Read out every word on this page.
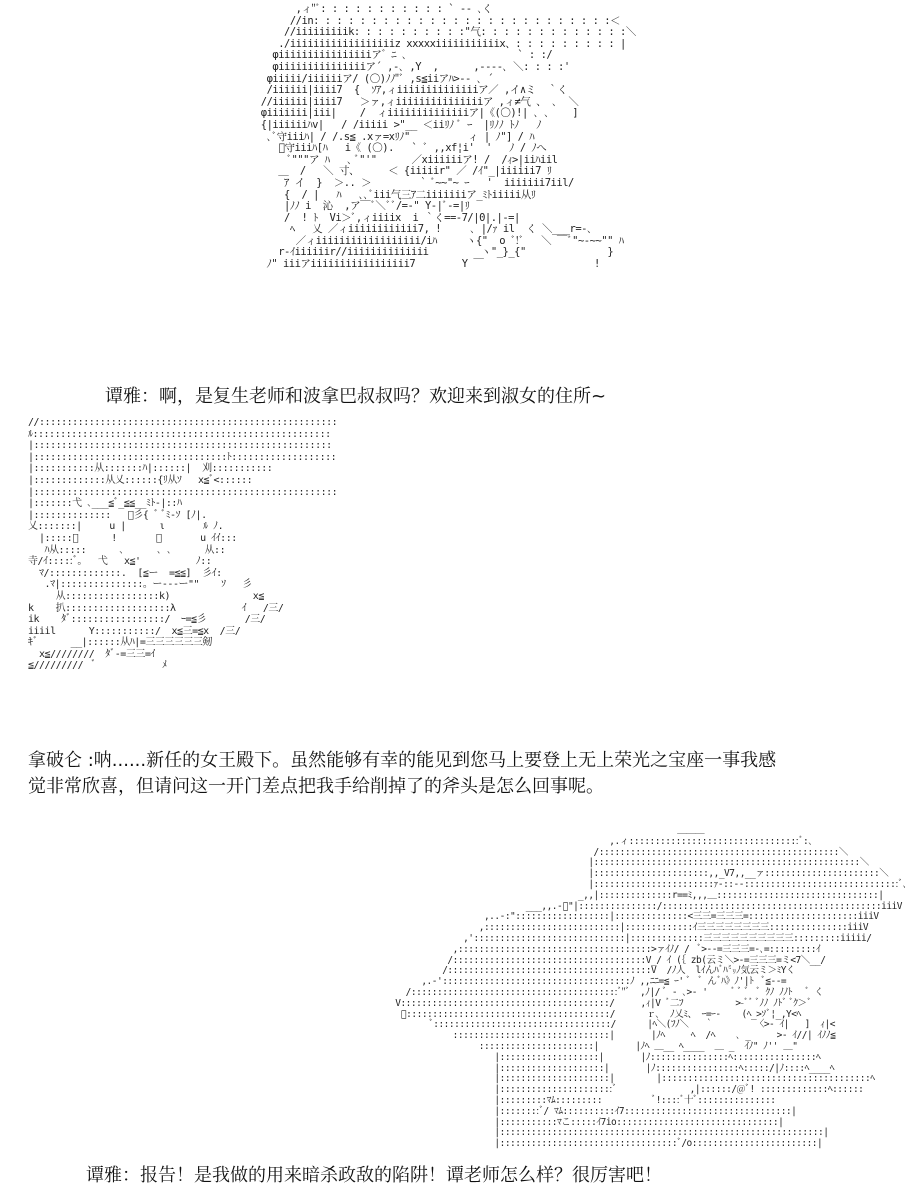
,ィ"ﾞ: : : : : : : : : : : ` ‐- ､く
//in: : : : : : : : : : : : : : : : : : : : : : : : : :＜
//iiiiiiiiik: : : : : : : : : :"气: : : : : : : : : : : : :＼
./iiiiiiiiiiiiiiiiiiz xxxxxiiiiiiiiiiix、: : : : : : : : : |
φiiiiiiiiiiiiiiiiア゛ﾆ ､                   ` : :/
φiiiiiiiiiiiiiiiア´ ,-､ ,Y  ,      ,----､ ＼: : : :'
φiiiii/iiiiiiア/ (〇)ﾉﾉ"ﾞ ,s≦iiアﾊ>-- ､ ´
/iiiiii|iiii7  {  ｿｱ,ィiiiiiiiiiiiiiiア／ ,イ∧ミ  ｀く
//iiiiii|iiii7   ＞ァ,ィiiiiiiiiiiiiiiiア ,ィ≠气 、 ､  ＼
φiiiiiii|iii|    /  ィiiiiiiiiiiiiiiア|《(〇)!| ､ ､    ]
{|iiiiiiﾊv|   / /iiiii >"__ ＜iiﾘﾉ ﾞ ｰ  |ﾘﾉﾉ ﾄﾉ   ﾉ
､ﾞ守iiiﾊ| / /.s≦ .xァ=xﾘﾉ"          ィ | ﾉ"] / ﾊ
ﾞ守iiiﾊ[ﾊ   i《 (〇).   ` ﾞ ,,xf¦i'  '   ﾉ / ﾉへ
ﾞ"""ア ﾊ   ､ ﾞ"'"      ／xiiiiiiア! /  /ｨ>|iiﾊiil
＿  /   ＼ 寸、     ＜ {iiiiir" ／ /ｲ"_|iiiiii7 ﾘ
ｱ イ  }  ＞.. ＞        ｀ ﾞ~~"~ ｰ   '  iiiiiii7iil/
{  / |   ﾊ   ､､ﾞiii气三ｱ二iiiiiiiア_ﾐﾄiiiii从ﾘ
|ﾉﾉ i  沁  ,ア￣ﾞ＼ﾞﾞ/=-" Y-|ﾞ-=|ﾘ
/  ! ﾄ  Vi＞ﾞ,ィiiiix  i ｀く==-7/|0|.|-=|
ﾍ   乂 ／ィiiiiiiiiiiii7, !     ､ |/ｧ il  く ＼___r=-､
／ィiiiiiiiiiiiiiiiiii/iﾊ     ヽ{"  o ﾞ!ﾞ   ＼ ￣ﾞ"~-~~"" ﾊ
r-ｲiiiiiir//iiiiiiiiiiiiii         ヽ"_}_{"              }
ﾉ" iiiアiiiiiiiiiiiiiiiii7        Y ￣                   !

谭雅：啊，是复生老师和波拿巴叔叔吗？欢迎来到淑女的住所~

//::::::::::::::::::::::::::::::::::::::::::::::::::::::
ﾙ::::::::::::::::::::::::::::::::::::::::::::::::::::::
|::::::::::::::::::::::::::::::::::::::::::::::::::::::
|:::::::::::::::::::::::::::::::::::ﾄ:::::::::::::::::::
|:::::::::::从:::::::ﾊ|::::::|  刈:::::::::::
|:::::::::::::从乂::::::{ﾘ从ｿ   x≦ﾞ<::::::
|:::::::::::::::::::::::::::::::::::::::::::::::::::::::
|:::::::弋 ､___≦ﾞ_≦≦__ﾐﾄ-|::ﾊ
|::::::::::::::   ﾞ彡{ ﾞ ﾞﾐ-ｿ [ﾉ|.
乂:::::::|     u |      ι       ﾙ ﾉ.
|:::::ﾞ      !       ﾞ       u ｲｲ:::
ﾊ从:::::      ､      ､ ､      从::
寺/ｲ:::::ﾞ。  弋   x≦'          ﾉ::
ﾏ/:::::::::::::.  [≦ー  =≦≦]  彡ｲ:
.ﾏ|:::::::::::::::。ー---ー""    ｿ   彡
从:::::::::::::::::k)               x≦
k    扒:::::::::::::::::::λ            ｲ   /三/
ik    ﾀﾞ:::::::::::::::::/  ｰ=≦彡       /三/
iiiil      Y:::::::::::/  x≦三=≦x  /三/
ｷﾞ      __|::::::从ﾊ|=三三三三三三剱
x≦////////  ﾀﾞ-=三三=ｲ
≦/////////  ﾞ            ﾒ

拿破仑 :呐......新任的女王殿下。虽然能够有幸的能见到您马上要登上无上荣光之宝座一事我感觉非常欣喜，但请问这一开门差点把我手给削掉了的斧头是怎么回事呢。

＿＿＿
,.ィ:::::::::::::::::::::::::::::::::ﾞ:､
/::::::::::::::::::::::::::::::::::::::::::::::＼
|:::::::::::::::::::::::::::::::::::::::::::::::::::＼
|::::::::::::::::::::::,,_V7,,__ァ::::::::::::::::::::::＼
|:::::::::::::::::::::::ｧ-::--::::::::::::::::::::::::::::::ﾞ､
_,,|::::::::::::::r==ﾐ,,,＿:::::::::::::::::::::::::::::::|
___,,.-ﾞ"|:::::::::::::::/::::::::::::::::::::::::::::::::::::::::::iiiV
,..-:"::::::::::::::::::|::::::::::::::<三三=三三三=:::::::::::::::::::::iiiV
,::::::::::::::::::::::::::|:::::::::::::ｲ三三三三三三三三:::::::::::::::iiiV
,':::::::::::::::::::::::::::::|::::::::::::::三三三三三三三三三三:::::::::iiiii/
,:::::::::::::::::::::::::::::::::::::>ァｲﾉ/ /  ﾞ>--=三三三=-､=:::::::::ｲ
/:::::::::::::::::::::::::::::::::::::V_/ ｲ (｛ zb(云ミ＼>-=三三三=ミ<7＼__/
/:::::::::::::::::::::::::::::::::::::::V  /ﾉ人  lｲんﾊﾞﾊ㍉ﾉ気云ミ＞ﾐYく
,.-'::::::::::::::::::::::::::::::::::::ﾉ ,,ﾆﾆ=≦ ｰ' ﾞ  ﾞ んﾞﾊ》ﾉ'|ﾄ  ﾞ≦--=
/::::::::::::::::::::::::::::::::::::::::ﾞ"ﾞ  ,ﾉ|/ ﾞ - ､>- '     ﾞ ﾞ ﾞ  ﾞ ｸﾉ ﾉﾉﾄ   ﾞ く
V::::::::::::::::::::::::::::::::::::::::/     ,ｨ|V ﾞ二ﾌ          >-ﾞﾞ ﾞﾉﾉ ﾉﾄﾞ ﾞｸ＞ﾞ
ﾞ:::::::::::::::::::::::::::::::::::::::/      ｒ､  ﾉ乂ﾐ、 ｰ=ｰ-    (ﾍ_>ｿﾞ¦_,Y<ﾍ
ﾞ::::::::::::::::::::::::::::::::::/      |ﾍ＼(ﾌﾉ＼   ｀        〈>- ｲ|   ]  ｨ|<
::::::::::::::::::::::::::::::|       |ﾉﾍ     ﾍ  /ﾍ    ､ _     >- ｲ//| ｲﾉﾉ≦
::::::::::::::::::::::|       |ﾉﾍ ＿__ ﾍ____  ＿ _  ｲﾉ" ﾉ'' ＿"
|:::::::::::::::::::|       |ﾉ:::::::::::::::ﾍ::::::::::::::::ﾍ
|::::::::::::::::::::|       |ﾉ::::::::::::::::ﾍ:::::/|ﾉ::::ﾍ____ﾍ
|:::::::::::::::::::::|        |::::::::::::::::::::::::::::::::::::::::ﾍ
|::::::::::::::::::::::ﾞ              ,|::::::/@ﾞ! :::::::::::::ﾍ::::::
|:::::::::ﾏﾑ:::::::::          ﾞ!::::ﾞ十ﾞ:::::::::::::::
|::::::::ﾞ/ ﾏﾑ::::::::::ｲ7::::::::::::::::::::::::::::::::|
|:::::::::::ﾏこ:::::ｲ7io:::::::::::::::::::::::::::::::|
|::::::::::::::::::::::::::::::::::::::::::::::::::::::::::::::|
|::::::::::::::::::::::::::::::::::ﾞ/o::::::::::::::::::::::::|

谭雅：报告！是我做的用来暗杀政敌的陷阱！谭老师怎么样？很厉害吧！
